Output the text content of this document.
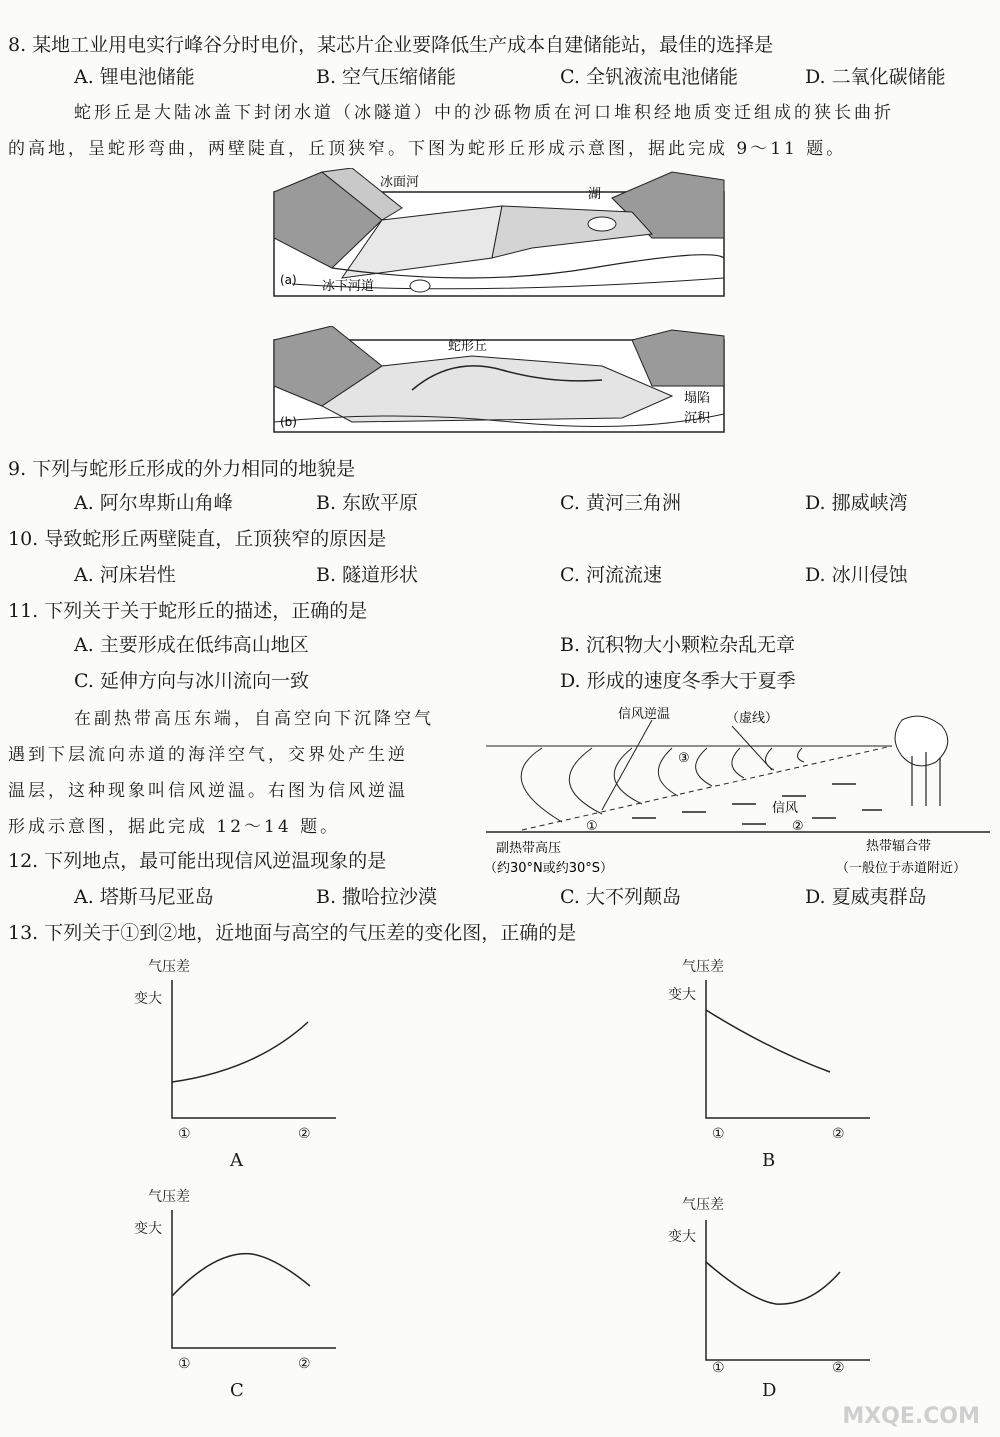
8. 某地工业用电实行峰谷分时电价，某芯片企业要降低生产成本自建储能站，最佳的选择是
A. 锂电池储能	B. 空气压缩储能	C. 全钒液流电池储能	D. 二氧化碳储能
蛇形丘是大陆冰盖下封闭水道（冰隧道）中的沙砾物质在河口堆积经地质变迁组成的狭长曲折
的高地，呈蛇形弯曲，两壁陡直，丘顶狭窄。下图为蛇形丘形成示意图，据此完成 9～11 题。
冰面河
湖
冰下河道
(a)
蛇形丘
塌陷
沉积
(b)
9. 下列与蛇形丘形成的外力相同的地貌是
A. 阿尔卑斯山角峰	B. 东欧平原	C. 黄河三角洲	D. 挪威峡湾
10. 导致蛇形丘两壁陡直，丘顶狭窄的原因是
A. 河床岩性	B. 隧道形状	C. 河流流速	D. 冰川侵蚀
11. 下列关于关于蛇形丘的描述，正确的是
A. 主要形成在低纬高山地区	B. 沉积物大小颗粒杂乱无章
C. 延伸方向与冰川流向一致	D. 形成的速度冬季大于夏季
在副热带高压东端，自高空向下沉降空气
遇到下层流向赤道的海洋空气，交界处产生逆
温层，这种现象叫信风逆温。右图为信风逆温
形成示意图，据此完成 12～14 题。
信风逆温	（虚线）
①	②
③
信风
副热带高压
（约30°N或约30°S）
热带辐合带
（一般位于赤道附近）
12. 下列地点，最可能出现信风逆温现象的是
A. 塔斯马尼亚岛	B. 撒哈拉沙漠	C. 大不列颠岛	D. 夏威夷群岛
13. 下列关于①到②地，近地面与高空的气压差的变化图，正确的是
气压差
变大
①	②
A
气压差
变大
①	②
B
气压差
变大
①	②
C
气压差
变大
①	②
D
MXQE.COM
